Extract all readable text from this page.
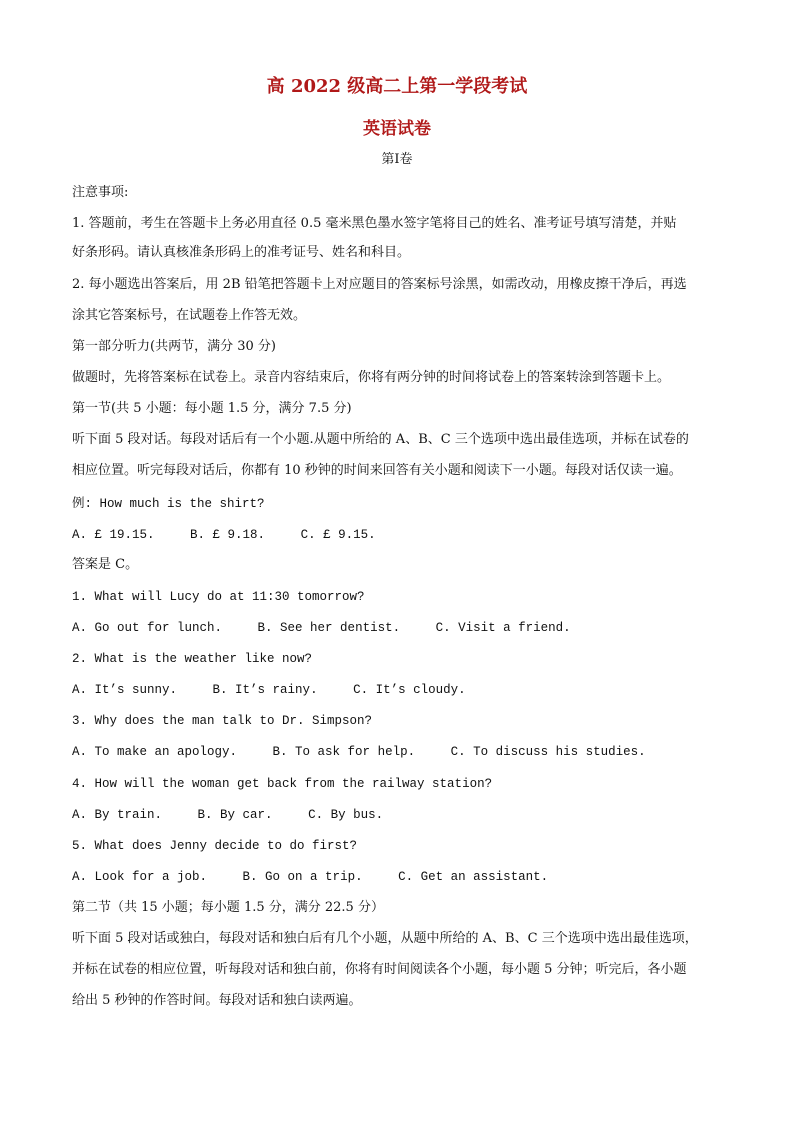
高 2022 级高二上第一学段考试
英语试卷
第Ⅰ卷
注意事项:
1. 答题前，考生在答题卡上务必用直径 0.5 毫米黑色墨水签字笔将目己的姓名、准考证号填写清楚，并贴
好条形码。请认真核准条形码上的准考证号、姓名和科目。
2. 每小题选出答案后，用 2B 铅笔把答题卡上对应题目的答案标号涂黑，如需改动，用橡皮擦干净后，再选
涂其它答案标号，在试题卷上作答无效。
第一部分听力(共两节，满分 30 分)
做题时，先将答案标在试卷上。录音内容结束后，你将有两分钟的时间将试卷上的答案转涂到答题卡上。
第一节(共 5 小题：每小题 1.5 分，满分 7.5 分)
听下面 5 段对话。每段对话后有一个小题.从题中所给的 A、B、C 三个选项中选出最佳选项，并标在试卷的
相应位置。听完每段对话后，你都有 10 秒钟的时间来回答有关小题和阅读下一小题。每段对话仅读一遍。
例: How much is the shirt?
A. £ 19.15.	B. £ 9.18.	C. £ 9.15.
答案是 C。
1. What will Lucy do at 11:30 tomorrow?
A. Go out for lunch.	B. See her dentist.	C. Visit a friend.
2. What is the weather like now?
A. It’s sunny.	B. It’s rainy.	C. It’s cloudy.
3. Why does the man talk to Dr. Simpson?
A. To make an apology.	B. To ask for help.	C. To discuss his studies.
4. How will the woman get back from the railway station?
A. By train.	B. By car.	C. By bus.
5. What does Jenny decide to do first?
A. Look for a job.	B. Go on a trip.	C. Get an assistant.
第二节（共 15 小题；每小题 1.5 分，满分 22.5 分）
听下面 5 段对话或独白，每段对话和独白后有几个小题，从题中所给的 A、B、C 三个选项中选出最佳选项，
并标在试卷的相应位置，听每段对话和独白前，你将有时间阅读各个小题，每小题 5 分钟；听完后，各小题
给出 5 秒钟的作答时间。每段对话和独白读两遍。
